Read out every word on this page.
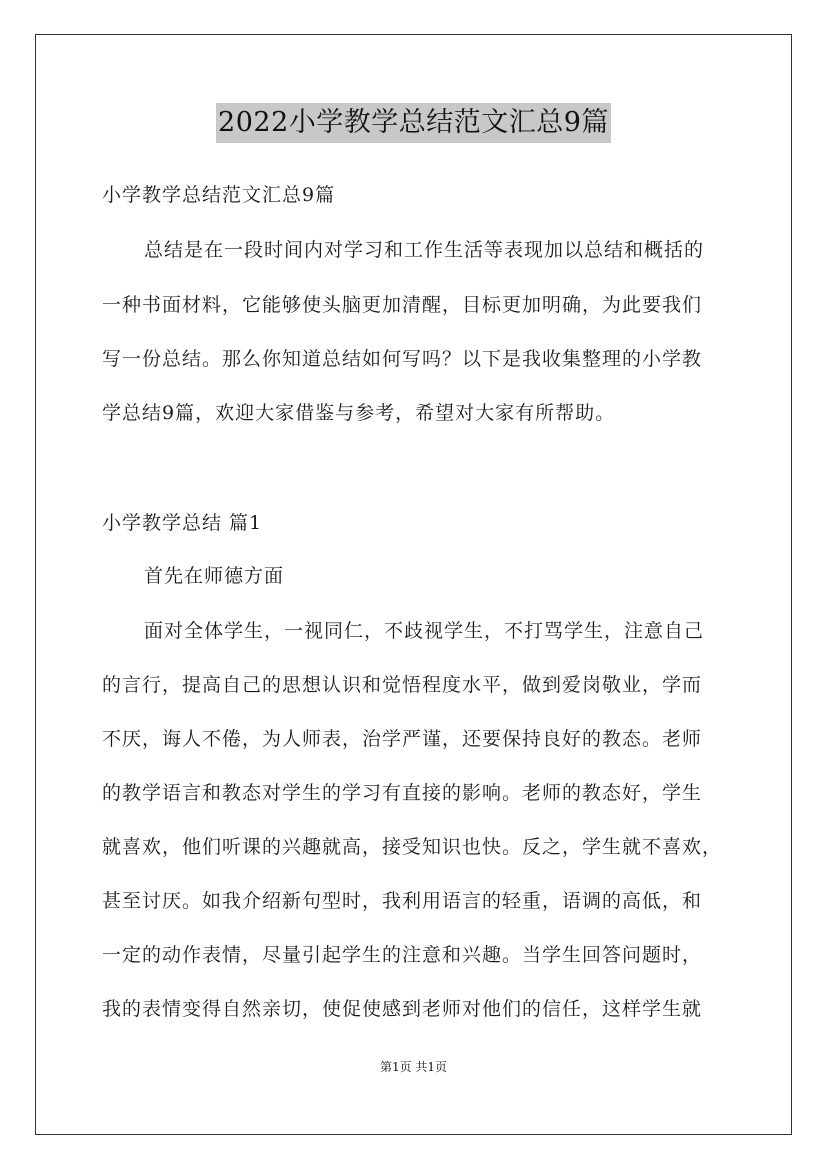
2022小学教学总结范文汇总9篇
小学教学总结范文汇总9篇
总结是在一段时间内对学习和工作生活等表现加以总结和概括的
一种书面材料，它能够使头脑更加清醒，目标更加明确，为此要我们
写一份总结。那么你知道总结如何写吗？以下是我收集整理的小学教
学总结9篇，欢迎大家借鉴与参考，希望对大家有所帮助。
小学教学总结 篇1
首先在师德方面
面对全体学生，一视同仁，不歧视学生，不打骂学生，注意自己
的言行，提高自己的思想认识和觉悟程度水平，做到爱岗敬业，学而
不厌，诲人不倦，为人师表，治学严谨，还要保持良好的教态。老师
的教学语言和教态对学生的学习有直接的影响。老师的教态好，学生
就喜欢，他们听课的兴趣就高，接受知识也快。反之，学生就不喜欢，
甚至讨厌。如我介绍新句型时，我利用语言的轻重，语调的高低，和
一定的动作表情，尽量引起学生的注意和兴趣。当学生回答问题时，
我的表情变得自然亲切，使促使感到老师对他们的信任，这样学生就
第1页 共1页
